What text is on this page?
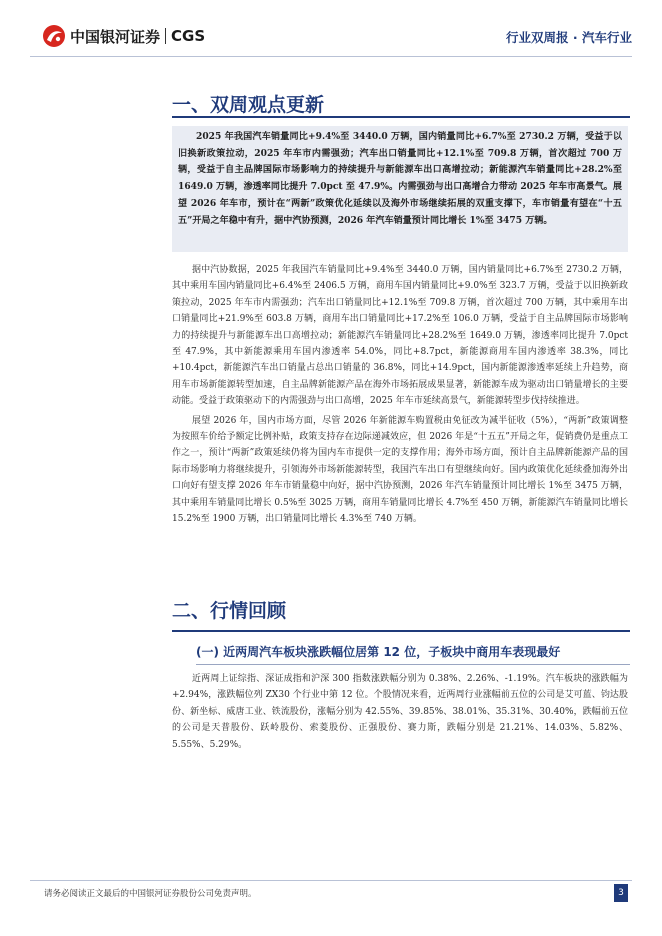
中国银河证券 CGS	行业双周报 · 汽车行业
一、双周观点更新

2025 年我国汽车销量同比+9.4%至 3440.0 万辆，国内销量同比+6.7%至 2730.2 万辆，受益于以旧换新政策拉动，2025 年车市内需强劲；汽车出口销量同比+12.1%至 709.8 万辆，首次超过 700 万辆，受益于自主品牌国际市场影响力的持续提升与新能源车出口高增拉动；新能源汽车销量同比+28.2%至 1649.0 万辆，渗透率同比提升 7.0pct 至 47.9%。内需强劲与出口高增合力带动 2025 年车市高景气。展望 2026 年车市，预计在“两新”政策优化延续以及海外市场继续拓展的双重支撑下，车市销量有望在“十五五”开局之年稳中有升，据中汽协预测，2026 年汽车销量预计同比增长 1%至 3475 万辆。

据中汽协数据，2025 年我国汽车销量同比+9.4%至 3440.0 万辆，国内销量同比+6.7%至 2730.2 万辆，其中乘用车国内销量同比+6.4%至 2406.5 万辆，商用车国内销量同比+9.0%至 323.7 万辆，受益于以旧换新政策拉动，2025 年车市内需强劲；汽车出口销量同比+12.1%至 709.8 万辆，首次超过 700 万辆，其中乘用车出口销量同比+21.9%至 603.8 万辆，商用车出口销量同比+17.2%至 106.0 万辆，受益于自主品牌国际市场影响力的持续提升与新能源车出口高增拉动；新能源汽车销量同比+28.2%至 1649.0 万辆，渗透率同比提升 7.0pct 至 47.9%，其中新能源乘用车国内渗透率 54.0%，同比+8.7pct，新能源商用车国内渗透率 38.3%，同比+10.4pct，新能源汽车出口销量占总出口销量的 36.8%，同比+14.9pct，国内新能源渗透率延续上升趋势，商用车市场新能源转型加速，自主品牌新能源产品在海外市场拓展成果显著，新能源车成为驱动出口销量增长的主要动能。受益于政策驱动下的内需强劲与出口高增，2025 年车市延续高景气，新能源转型步伐持续推进。

展望 2026 年，国内市场方面，尽管 2026 年新能源车购置税由免征改为减半征收（5%），“两新”政策调整为按照车价给予额定比例补贴，政策支持存在边际递减效应，但 2026 年是“十五五”开局之年，促销费仍是重点工作之一，预计“两新”政策延续仍将为国内车市提供一定的支撑作用；海外市场方面，预计自主品牌新能源产品的国际市场影响力将继续提升，引领海外市场新能源转型，我国汽车出口有望继续向好。国内政策优化延续叠加海外出口向好有望支撑 2026 年车市销量稳中向好，据中汽协预测，2026 年汽车销量预计同比增长 1%至 3475 万辆，其中乘用车销量同比增长 0.5%至 3025 万辆，商用车销量同比增长 4.7%至 450 万辆，新能源汽车销量同比增长 15.2%至 1900 万辆，出口销量同比增长 4.3%至 740 万辆。

二、行情回顾
(一) 近两周汽车板块涨跌幅位居第 12 位，子板块中商用车表现最好

近两周上证综指、深证成指和沪深 300 指数涨跌幅分别为 0.38%、2.26%、-1.19%。汽车板块的涨跌幅为+2.94%，涨跌幅位列 ZX30 个行业中第 12 位。个股情况来看，近两周行业涨幅前五位的公司是艾可蓝、钧达股份、新坐标、威唐工业、铁流股份，涨幅分别为 42.55%、39.85%、38.01%、35.31%、30.40%，跌幅前五位的公司是天普股份、跃岭股份、索菱股份、正强股份、赛力斯，跌幅分别是 21.21%、14.03%、5.82%、5.55%、5.29%。

请务必阅读正文最后的中国银河证券股份公司免责声明。	3
